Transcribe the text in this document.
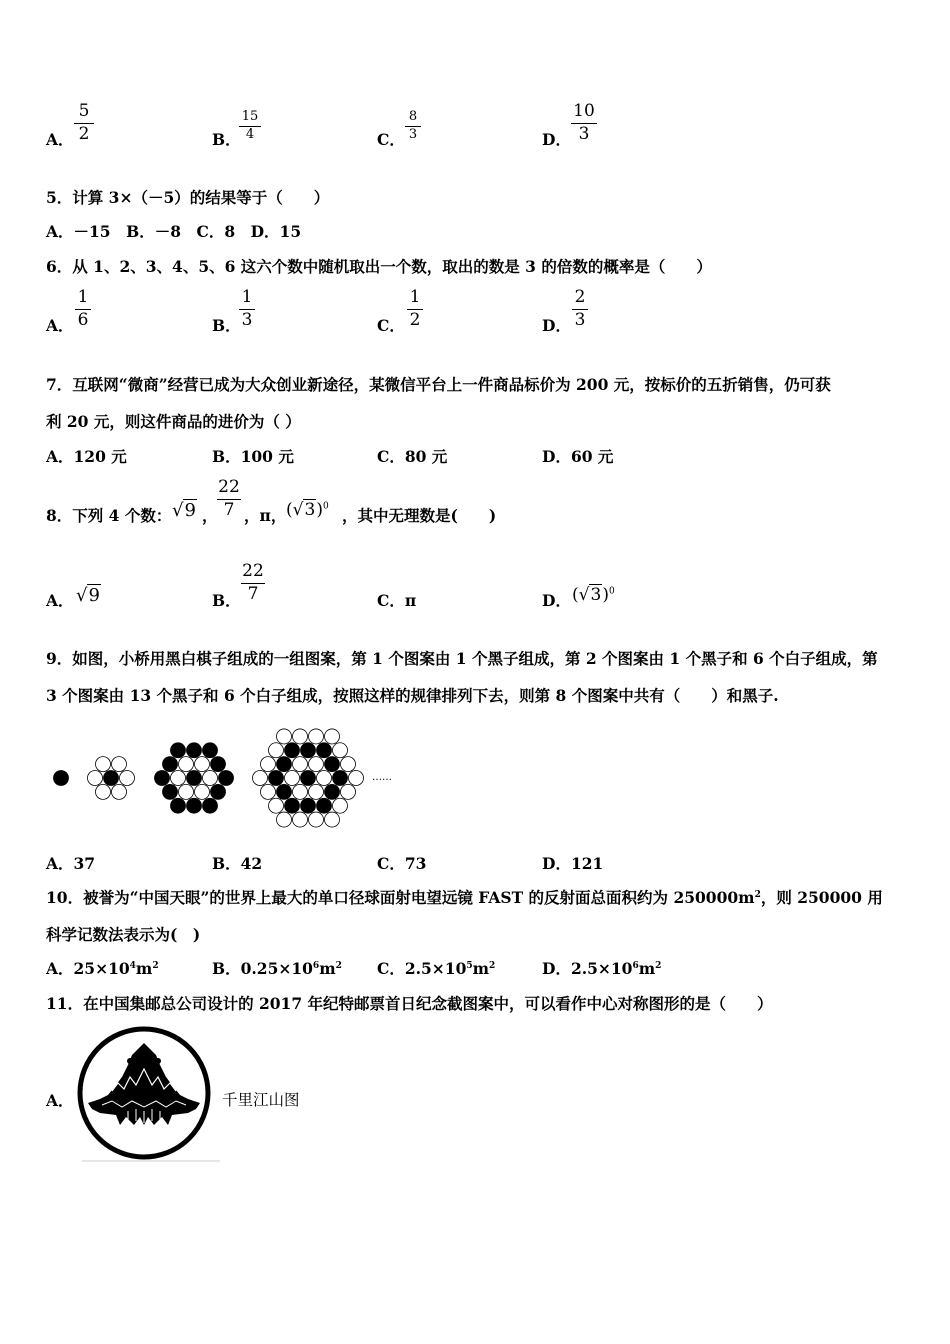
A．
5
2	B．
15
4	C．
8
3	D．
10
3
5．计算 3×（－5）的结果等于（　　）
A．－15　B．－8　C．8　D．15
6．从 1、2、3、4、5、6 这六个数中随机取出一个数，取出的数是 3 的倍数的概率是（　　）
A．
1
6	B．
1
3	C．
1
2	D．
2
3
7．互联网“微商”经营已成为大众创业新途径，某微信平台上一件商品标价为 200 元，按标价的五折销售，仍可获
利 20 元，则这件商品的进价为（ ）
A．120 元	B．100 元	C．80 元	D．60 元
8．下列 4 个数： √9 ，
22
7 ，π， $(√3)^0$ ，其中无理数是(　　)
A． √9	B．
22
7	C．π	D． $(√3)^0$
9．如图，小桥用黑白棋子组成的一组图案，第 1 个图案由 1 个黑子组成，第 2 个图案由 1 个黑子和 6 个白子组成，第
3 个图案由 13 个黑子和 6 个白子组成，按照这样的规律排列下去，则第 8 个图案中共有（　　）和黑子.
……
A．37	B．42	C．73	D．121
10．被誉为“中国天眼”的世界上最大的单口径球面射电望远镜 FAST 的反射面总面积约为 $250000m^2$，则 250000 用
科学记数法表示为(　)
A．$25\times 10^4m^2$	B．$0.25\times 10^6m^2$ C．$2.5\times 10^5m^2$	D．$2.5\times 10^6m^2$
11．在中国集邮总公司设计的 2017 年纪特邮票首日纪念截图案中，可以看作中心对称图形的是（　　）
A．	千里江山图
